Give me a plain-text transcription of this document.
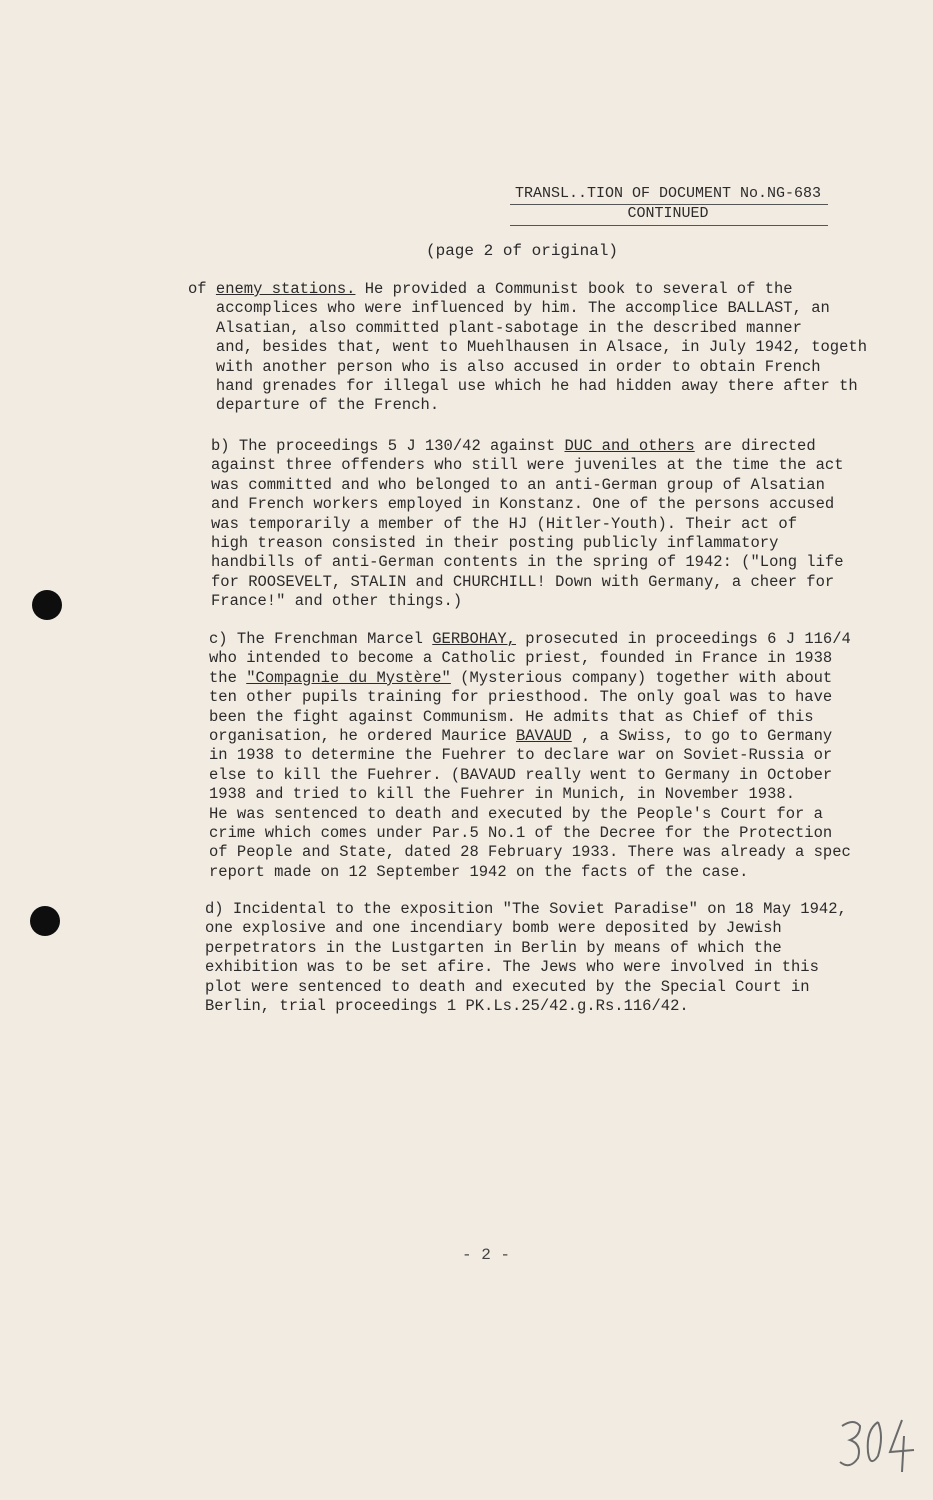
TRANSL..TION OF DOCUMENT No.NG-683
CONTINUED
(page 2 of original)
of enemy stations. He provided a Communist book to several of the
accomplices who were influenced by him. The accomplice BALLAST, an
Alsatian, also committed plant-sabotage in the described manner
and, besides that, went to Muehlhausen in Alsace, in July 1942, togeth
with another person who is also accused in order to obtain French
hand grenades for illegal use which he had hidden away there after th
departure of the French.
b) The proceedings 5 J 130/42 against DUC and others are directed
against three offenders who still were juveniles at the time the act
was committed and who belonged to an anti-German group of Alsatian
and French workers employed in Konstanz. One of the persons accused
was temporarily a member of the HJ (Hitler-Youth). Their act of
high treason consisted in their posting publicly inflammatory
handbills of anti-German contents in the spring of 1942: ("Long life
for ROOSEVELT, STALIN and CHURCHILL! Down with Germany, a cheer for
France!" and other things.)
c) The Frenchman Marcel GERBOHAY, prosecuted in proceedings 6 J 116/4
who intended to become a Catholic priest, founded in France in 1938
the "Compagnie du Mystère" (Mysterious company) together with about
ten other pupils training for priesthood. The only goal was to have
been the fight against Communism. He admits that as Chief of this
organisation, he ordered Maurice BAVAUD , a Swiss, to go to Germany
in 1938 to determine the Fuehrer to declare war on Soviet-Russia or
else to kill the Fuehrer. (BAVAUD really went to Germany in October
1938 and tried to kill the Fuehrer in Munich, in November 1938.
He was sentenced to death and executed by the People's Court for a
crime which comes under Par.5 No.1 of the Decree for the Protection
of People and State, dated 28 February 1933. There was already a spec
report made on 12 September 1942 on the facts of the case.
d) Incidental to the exposition "The Soviet Paradise" on 18 May 1942,
one explosive and one incendiary bomb were deposited by Jewish
perpetrators in the Lustgarten in Berlin by means of which the
exhibition was to be set afire. The Jews who were involved in this
plot were sentenced to death and executed by the Special Court in
Berlin, trial proceedings 1 PK.Ls.25/42.g.Rs.116/42.
- 2 -
